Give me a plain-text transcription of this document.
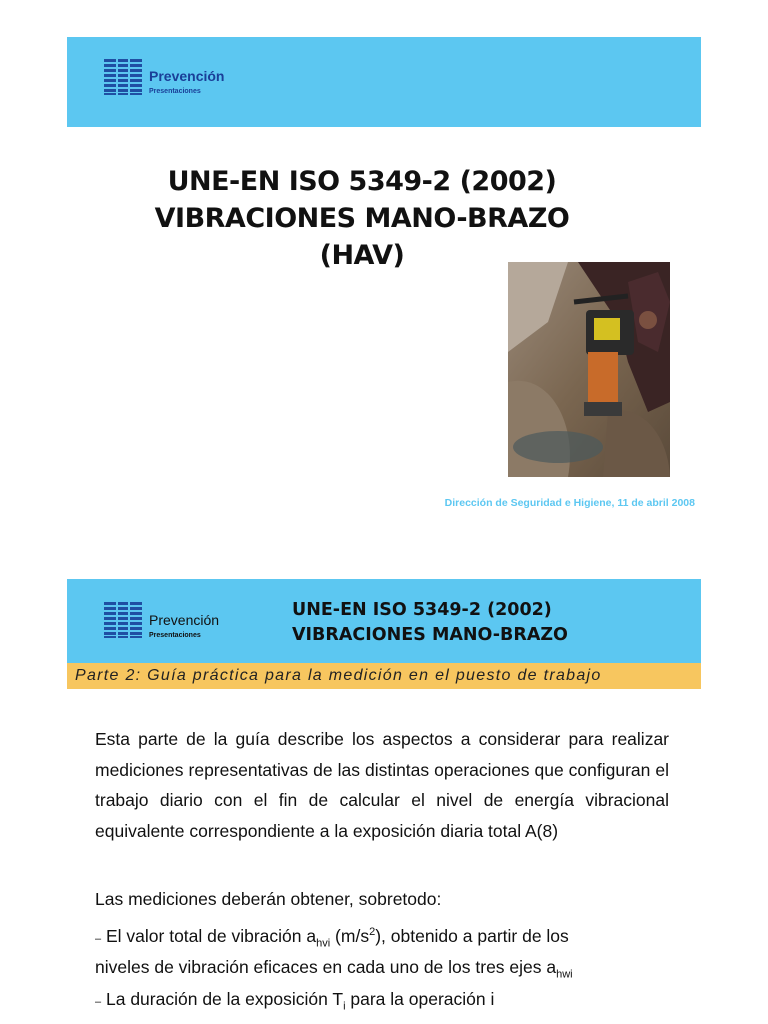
Prevención
Presentaciones
UNE-EN ISO 5349-2 (2002)
VIBRACIONES MANO-BRAZO
(HAV)
Dirección de Seguridad e Higiene, 11 de abril 2008
Prevención
Presentaciones
UNE-EN ISO 5349-2 (2002)
VIBRACIONES MANO-BRAZO
Parte 2: Guía práctica para la medición en el puesto de trabajo
Esta parte de la guía describe los aspectos a considerar para realizar mediciones representativas de las distintas operaciones que configuran el trabajo diario con el fin de calcular el nivel de energía vibracional equivalente correspondiente a la exposición diaria total A(8)
Las mediciones deberán obtener, sobretodo:
– El valor total de vibración $a_{hvi}$ $(m/s^2)$, obtenido a partir de los
niveles de vibración eficaces en cada uno de los tres ejes $a_{hwi}$
– La duración de la exposición $T_i$ para la operación i
